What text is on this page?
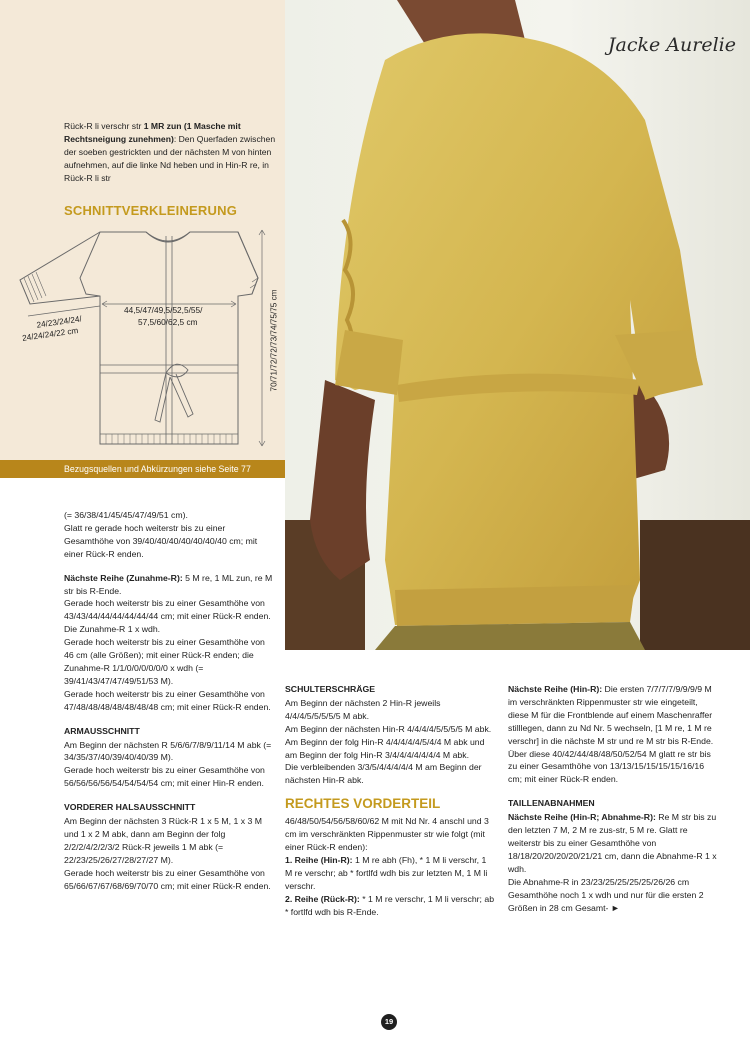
Rück-R li verschr str 1 MR zun (1 Masche mit Rechtsneigung zunehmen): Den Querfaden zwischen der soeben gestrickten und der nächsten M von hinten aufnehmen, auf die linke Nd heben und in Hin-R re, in Rück-R li str
SCHNITTVERKLEINERUNG
44,5/47/49,5/52,5/55/
57,5/60/62,5 cm
24/23/24/24/
24/24/24/22 cm	70/71/72/72/73/74/75/75 cm
Bezugsquellen und Abkürzungen siehe Seite 77
Jacke Aurelie

(= 36/38/41/45/45/47/49/51 cm).
Glatt re gerade hoch weiterstr bis zu einer Gesamthöhe von 39/40/40/40/40/40/40/40 cm; mit einer Rück-R enden.

Nächste Reihe (Zunahme-R): 5 M re, 1 ML zun, re M str bis R-Ende.
Gerade hoch weiterstr bis zu einer Gesamthöhe von 43/43/44/44/44/44/44/44 cm; mit einer Rück-R enden. Die Zunahme-R 1 x wdh.
Gerade hoch weiterstr bis zu einer Gesamthöhe von 46 cm (alle Größen); mit einer Rück-R enden; die Zunahme-R 1/1/0/0/0/0/0/0 x wdh (= 39/41/43/47/47/49/51/53 M).
Gerade hoch weiterstr bis zu einer Gesamthöhe von 47/48/48/48/48/48/48/48 cm; mit einer Rück-R enden.

ARMAUSSCHNITT
Am Beginn der nächsten R 5/6/6/7/8/9/11/14 M abk (= 34/35/37/40/39/40/40/39 M).
Gerade hoch weiterstr bis zu einer Gesamthöhe von 56/56/56/56/54/54/54/54 cm; mit einer Hin-R enden.

VORDERER HALSAUSSCHNITT
Am Beginn der nächsten 3 Rück-R 1 x 5 M, 1 x 3 M und 1 x 2 M abk, dann am Beginn der folg 2/2/2/4/2/2/3/2 Rück-R jeweils 1 M abk (= 22/23/25/26/27/28/27/27 M).
Gerade hoch weiterstr bis zu einer Gesamthöhe von 65/66/67/67/68/69/70/70 cm; mit einer Rück-R enden.

SCHULTERSCHRÄGE
Am Beginn der nächsten 2 Hin-R jeweils 4/4/4/5/5/5/5/5 M abk.
Am Beginn der nächsten Hin-R 4/4/4/4/5/5/5/5 M abk.
Am Beginn der folg Hin-R 4/4/4/4/4/5/4/4 M abk und am Beginn der folg Hin-R 3/4/4/4/4/4/4/4 M abk.
Die verbleibenden 3/3/5/4/4/4/4/4 M am Beginn der nächsten Hin-R abk.

RECHTES VORDERTEIL

46/48/50/54/56/58/60/62 M mit Nd Nr. 4 anschl und 3 cm im verschränkten Rippenmuster str wie folgt (mit einer Rück-R enden):

1. Reihe (Hin-R): 1 M re abh (Fh), * 1 M li verschr, 1 M re verschr; ab * fortlfd wdh bis zur letzten M, 1 M li verschr.

2. Reihe (Rück-R): * 1 M re verschr, 1 M li verschr; ab * fortlfd wdh bis R-Ende.

Nächste Reihe (Hin-R): Die ersten 7/7/7/7/9/9/9/9 M im verschränkten Rippenmuster str wie eingeteilt, diese M für die Frontblende auf einem Maschenraffer stilllegen, dann zu Nd Nr. 5 wechseln, [1 M re, 1 M re verschr] in die nächste M str und re M str bis R-Ende.
Über diese 40/42/44/48/48/50/52/54 M glatt re str bis zu einer Gesamthöhe von 13/13/15/15/15/15/16/16 cm; mit einer Rück-R enden.

TAILLENABNAHMEN
Nächste Reihe (Hin-R; Abnahme-R): Re M str bis zu den letzten 7 M, 2 M re zus-str, 5 M re. Glatt re weiterstr bis zu einer Gesamthöhe von 18/18/20/20/20/20/21/21 cm, dann die Abnahme-R 1 x wdh.
Die Abnahme-R in 23/23/25/25/25/25/26/26 cm Gesamthöhe noch 1 x wdh und nur für die ersten 2 Größen in 28 cm Gesamt- ►

19
